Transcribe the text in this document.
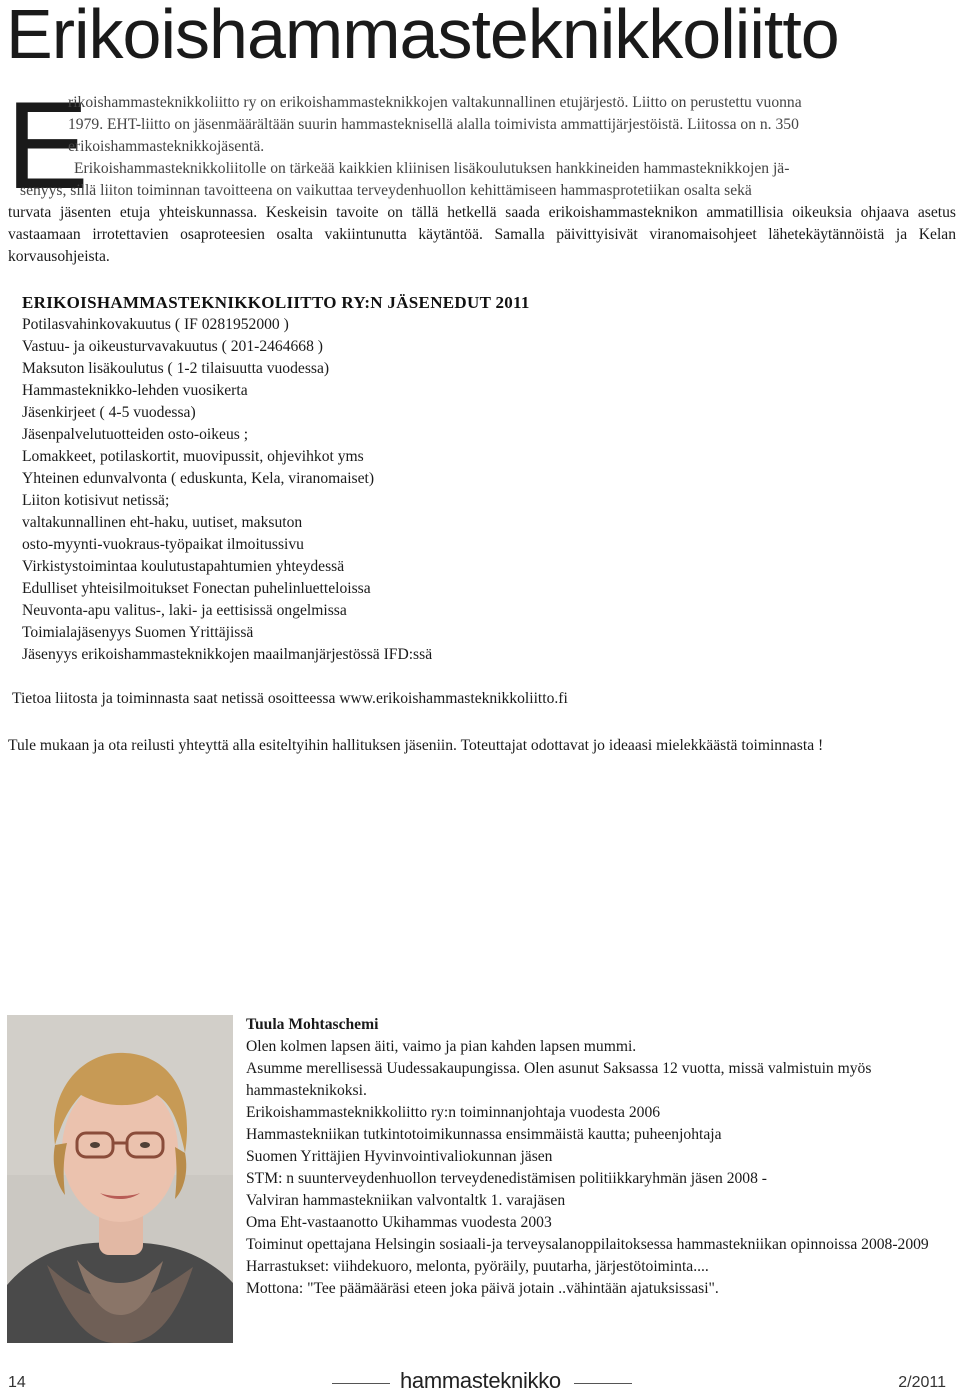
Erikoishammasteknikkoliitto
E

rikoishammasteknikkoliitto ry on erikoishammasteknikkojen valtakunnallinen etujärjestö. Liitto on perustettu vuonna

1979. EHT-liitto on jäsenmäärältään suurin hammasteknisellä alalla toimivista ammattijärjestöistä. Liitossa on n. 350

erikoishammasteknikkojäsentä.

Erikoishammasteknikkoliitolle on tärkeää kaikkien kliinisen lisäkoulutuksen hankkineiden hammasteknikkojen jä-
senyys, sillä liiton toiminnan tavoitteena on vaikuttaa terveydenhuollon kehittämiseen hammasprotetiikan osalta sekä
turvata jäsenten etuja yhteiskunnassa. Keskeisin tavoite on tällä hetkellä saada erikoishammasteknikon ammatillisia oikeuksia ohjaava asetus vastaamaan irrotettavien osaproteesien osalta vakiintunutta käytäntöä. Samalla päivittyisivät viranomaisohjeet lähetekäytännöistä ja Kelan korvausohjeista.
ERIKOISHAMMASTEKNIKKOLIITTO RY:N JÄSENEDUT 2011
Potilasvahinkovakuutus ( IF 0281952000 )
Vastuu- ja oikeusturvavakuutus ( 201-2464668 )
Maksuton lisäkoulutus ( 1-2 tilaisuutta vuodessa)
Hammasteknikko-lehden vuosikerta
Jäsenkirjeet ( 4-5 vuodessa)
Jäsenpalvelutuotteiden osto-oikeus ;
Lomakkeet, potilaskortit, muovipussit, ohjevihkot yms
Yhteinen edunvalvonta ( eduskunta, Kela, viranomaiset)
Liiton kotisivut netissä;
valtakunnallinen eht-haku, uutiset, maksuton
osto-myynti-vuokraus-työpaikat ilmoitussivu
Virkistystoimintaa koulutustapahtumien yhteydessä
Edulliset yhteisilmoitukset Fonectan puhelinluetteloissa
Neuvonta-apu valitus-, laki- ja eettisissä ongelmissa
Toimialajäsenyys Suomen Yrittäjissä
Jäsenyys erikoishammasteknikkojen maailmanjärjestössä IFD:ssä

Tietoa liitosta ja toiminnasta saat netissä osoitteessa www.erikoishammasteknikkoliitto.fi

Tule mukaan ja ota reilusti yhteyttä alla esiteltyihin hallituksen jäseniin. Toteuttajat odottavat jo ideaasi mielekkäästä toiminnasta !

Tuula Mohtaschemi
Olen kolmen lapsen äiti, vaimo ja pian kahden lapsen mummi.
Asumme merellisessä Uudessakaupungissa. Olen asunut Saksassa 12 vuotta, missä valmistuin myös hammasteknikoksi.
Erikoishammasteknikkoliitto ry:n toiminnanjohtaja vuodesta 2006
Hammastekniikan tutkintotoimikunnassa ensimmäistä kautta; puheenjohtaja
Suomen Yrittäjien Hyvinvointivaliokunnan jäsen
STM: n suunterveydenhuollon terveydenedistämisen politiikkaryhmän jäsen 2008 -
Valviran hammastekniikan valvontaltk 1. varajäsen
Oma Eht-vastaanotto Ukihammas vuodesta 2003
Toiminut opettajana Helsingin sosiaali-ja terveysalanoppilaitoksessa hammastekniikan opinnoissa 2008-2009
Harrastukset: viihdekuoro, melonta, pyöräily, puutarha, järjestötoiminta....
Mottona: "Tee päämääräsi eteen joka päivä jotain ..vähintään ajatuksissasi".
14	hammasteknikko	2/2011
